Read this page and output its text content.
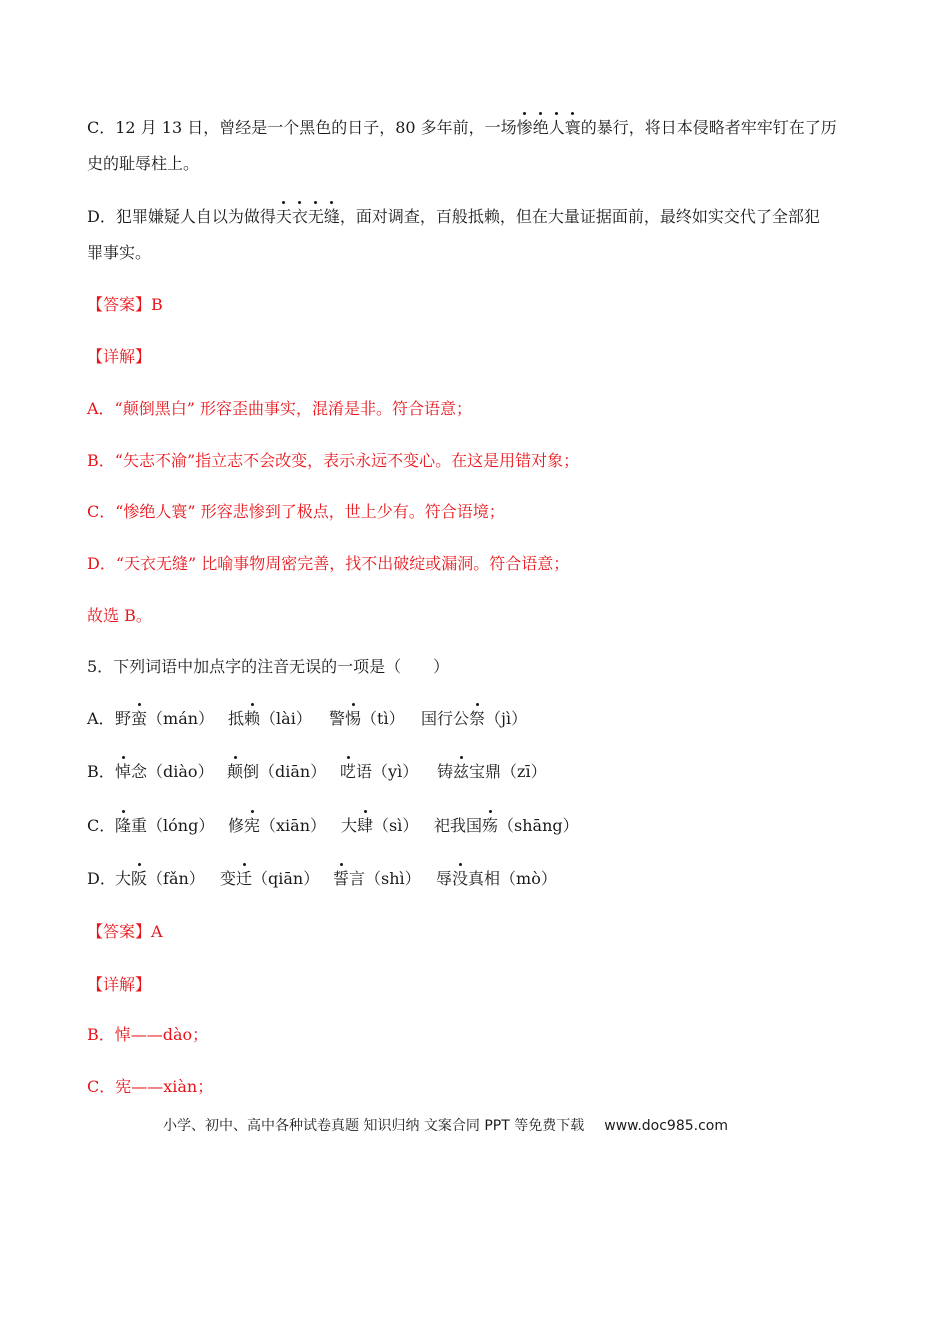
C．12 月 13 日，曾经是一个黑色的日子，80 多年前，一场惨绝人寰的暴行，将日本侵略者牢牢钉在了历
史的耻辱柱上。
D．犯罪嫌疑人自以为做得天衣无缝，面对调查，百般抵赖，但在大量证据面前，最终如实交代了全部犯
罪事实。
【答案】B
【详解】
A．“颠倒黑白” 形容歪曲事实，混淆是非。符合语意；
B．“矢志不渝”指立志不会改变，表示永远不变心。在这是用错对象；
C．“惨绝人寰” 形容悲惨到了极点，世上少有。符合语境；
D．“天衣无缝” 比喻事物周密完善，找不出破绽或漏洞。符合语意；
故选 B。
5．下列词语中加点字的注音无误的一项是（　　）
A． 野蛮（mán） 抵赖（lài） 警惕（tì） 国行公祭（jì）
B． 悼念（diào） 颠倒（diān） 呓语（yì） 铸兹宝鼎（zī）
C． 隆重（lóng） 修宪（xiān） 大肆（sì） 祀我国殇（shāng）
D． 大阪（fǎn） 变迁（qiān） 誓言（shì） 辱没真相（mò）
【答案】A
【详解】
B．悼——dào；
C．宪——xiàn；
小学、初中、高中各种试卷真题 知识归纳 文案合同 PPT 等免费下载 www.doc985.com
